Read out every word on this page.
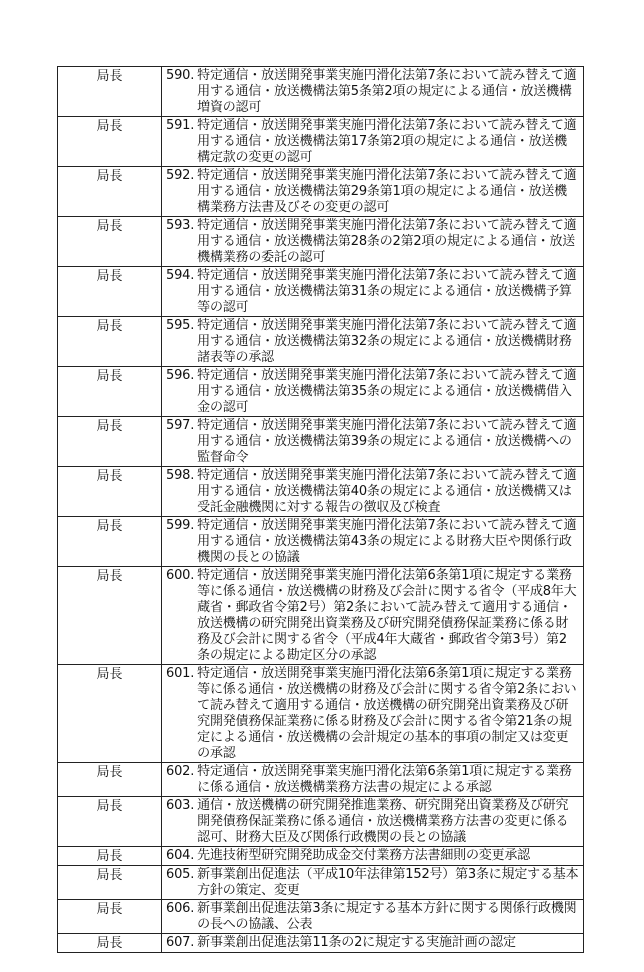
局長	590. 特定通信・放送開発事業実施円滑化法第7条において読み替えて適用する通信・放送機構法第5条第2項の規定による通信・放送機構増資の認可

局長	591. 特定通信・放送開発事業実施円滑化法第7条において読み替えて適用する通信・放送機構法第17条第2項の規定による通信・放送機構定款の変更の認可

局長	592. 特定通信・放送開発事業実施円滑化法第7条において読み替えて適用する通信・放送機構法第29条第1項の規定による通信・放送機構業務方法書及びその変更の認可

局長	593. 特定通信・放送開発事業実施円滑化法第7条において読み替えて適用する通信・放送機構法第28条の2第2項の規定による通信・放送機構業務の委託の認可

局長	594. 特定通信・放送開発事業実施円滑化法第7条において読み替えて適用する通信・放送機構法第31条の規定による通信・放送機構予算等の認可

局長	595. 特定通信・放送開発事業実施円滑化法第7条において読み替えて適用する通信・放送機構法第32条の規定による通信・放送機構財務諸表等の承認

局長	596. 特定通信・放送開発事業実施円滑化法第7条において読み替えて適用する通信・放送機構法第35条の規定による通信・放送機構借入金の認可

局長	597. 特定通信・放送開発事業実施円滑化法第7条において読み替えて適用する通信・放送機構法第39条の規定による通信・放送機構への監督命令

局長	598. 特定通信・放送開発事業実施円滑化法第7条において読み替えて適用する通信・放送機構法第40条の規定による通信・放送機構又は受託金融機関に対する報告の徴収及び検査

局長	599. 特定通信・放送開発事業実施円滑化法第7条において読み替えて適用する通信・放送機構法第43条の規定による財務大臣や関係行政機関の長との協議

局長	600. 特定通信・放送開発事業実施円滑化法第6条第1項に規定する業務等に係る通信・放送機構の財務及び会計に関する省令（平成8年大蔵省・郵政省令第2号）第2条において読み替えて適用する通信・放送機構の研究開発出資業務及び研究開発債務保証業務に係る財務及び会計に関する省令（平成4年大蔵省・郵政省令第3号）第2条の規定による勘定区分の承認

局長	601. 特定通信・放送開発事業実施円滑化法第6条第1項に規定する業務等に係る通信・放送機構の財務及び会計に関する省令第2条において読み替えて適用する通信・放送機構の研究開発出資業務及び研究開発債務保証業務に係る財務及び会計に関する省令第21条の規定による通信・放送機構の会計規定の基本的事項の制定又は変更の承認

局長	602. 特定通信・放送開発事業実施円滑化法第6条第1項に規定する業務に係る通信・放送機構業務方法書の規定による承認

局長	603. 通信・放送機構の研究開発推進業務、研究開発出資業務及び研究開発債務保証業務に係る通信・放送機構業務方法書の変更に係る認可、財務大臣及び関係行政機関の長との協議

局長	604. 先進技術型研究開発助成金交付業務方法書細則の変更承認

局長	605. 新事業創出促進法（平成10年法律第152号）第3条に規定する基本方針の策定、変更

局長	606. 新事業創出促進法第3条に規定する基本方針に関する関係行政機関の長への協議、公表

局長	607. 新事業創出促進法第11条の2に規定する実施計画の認定
